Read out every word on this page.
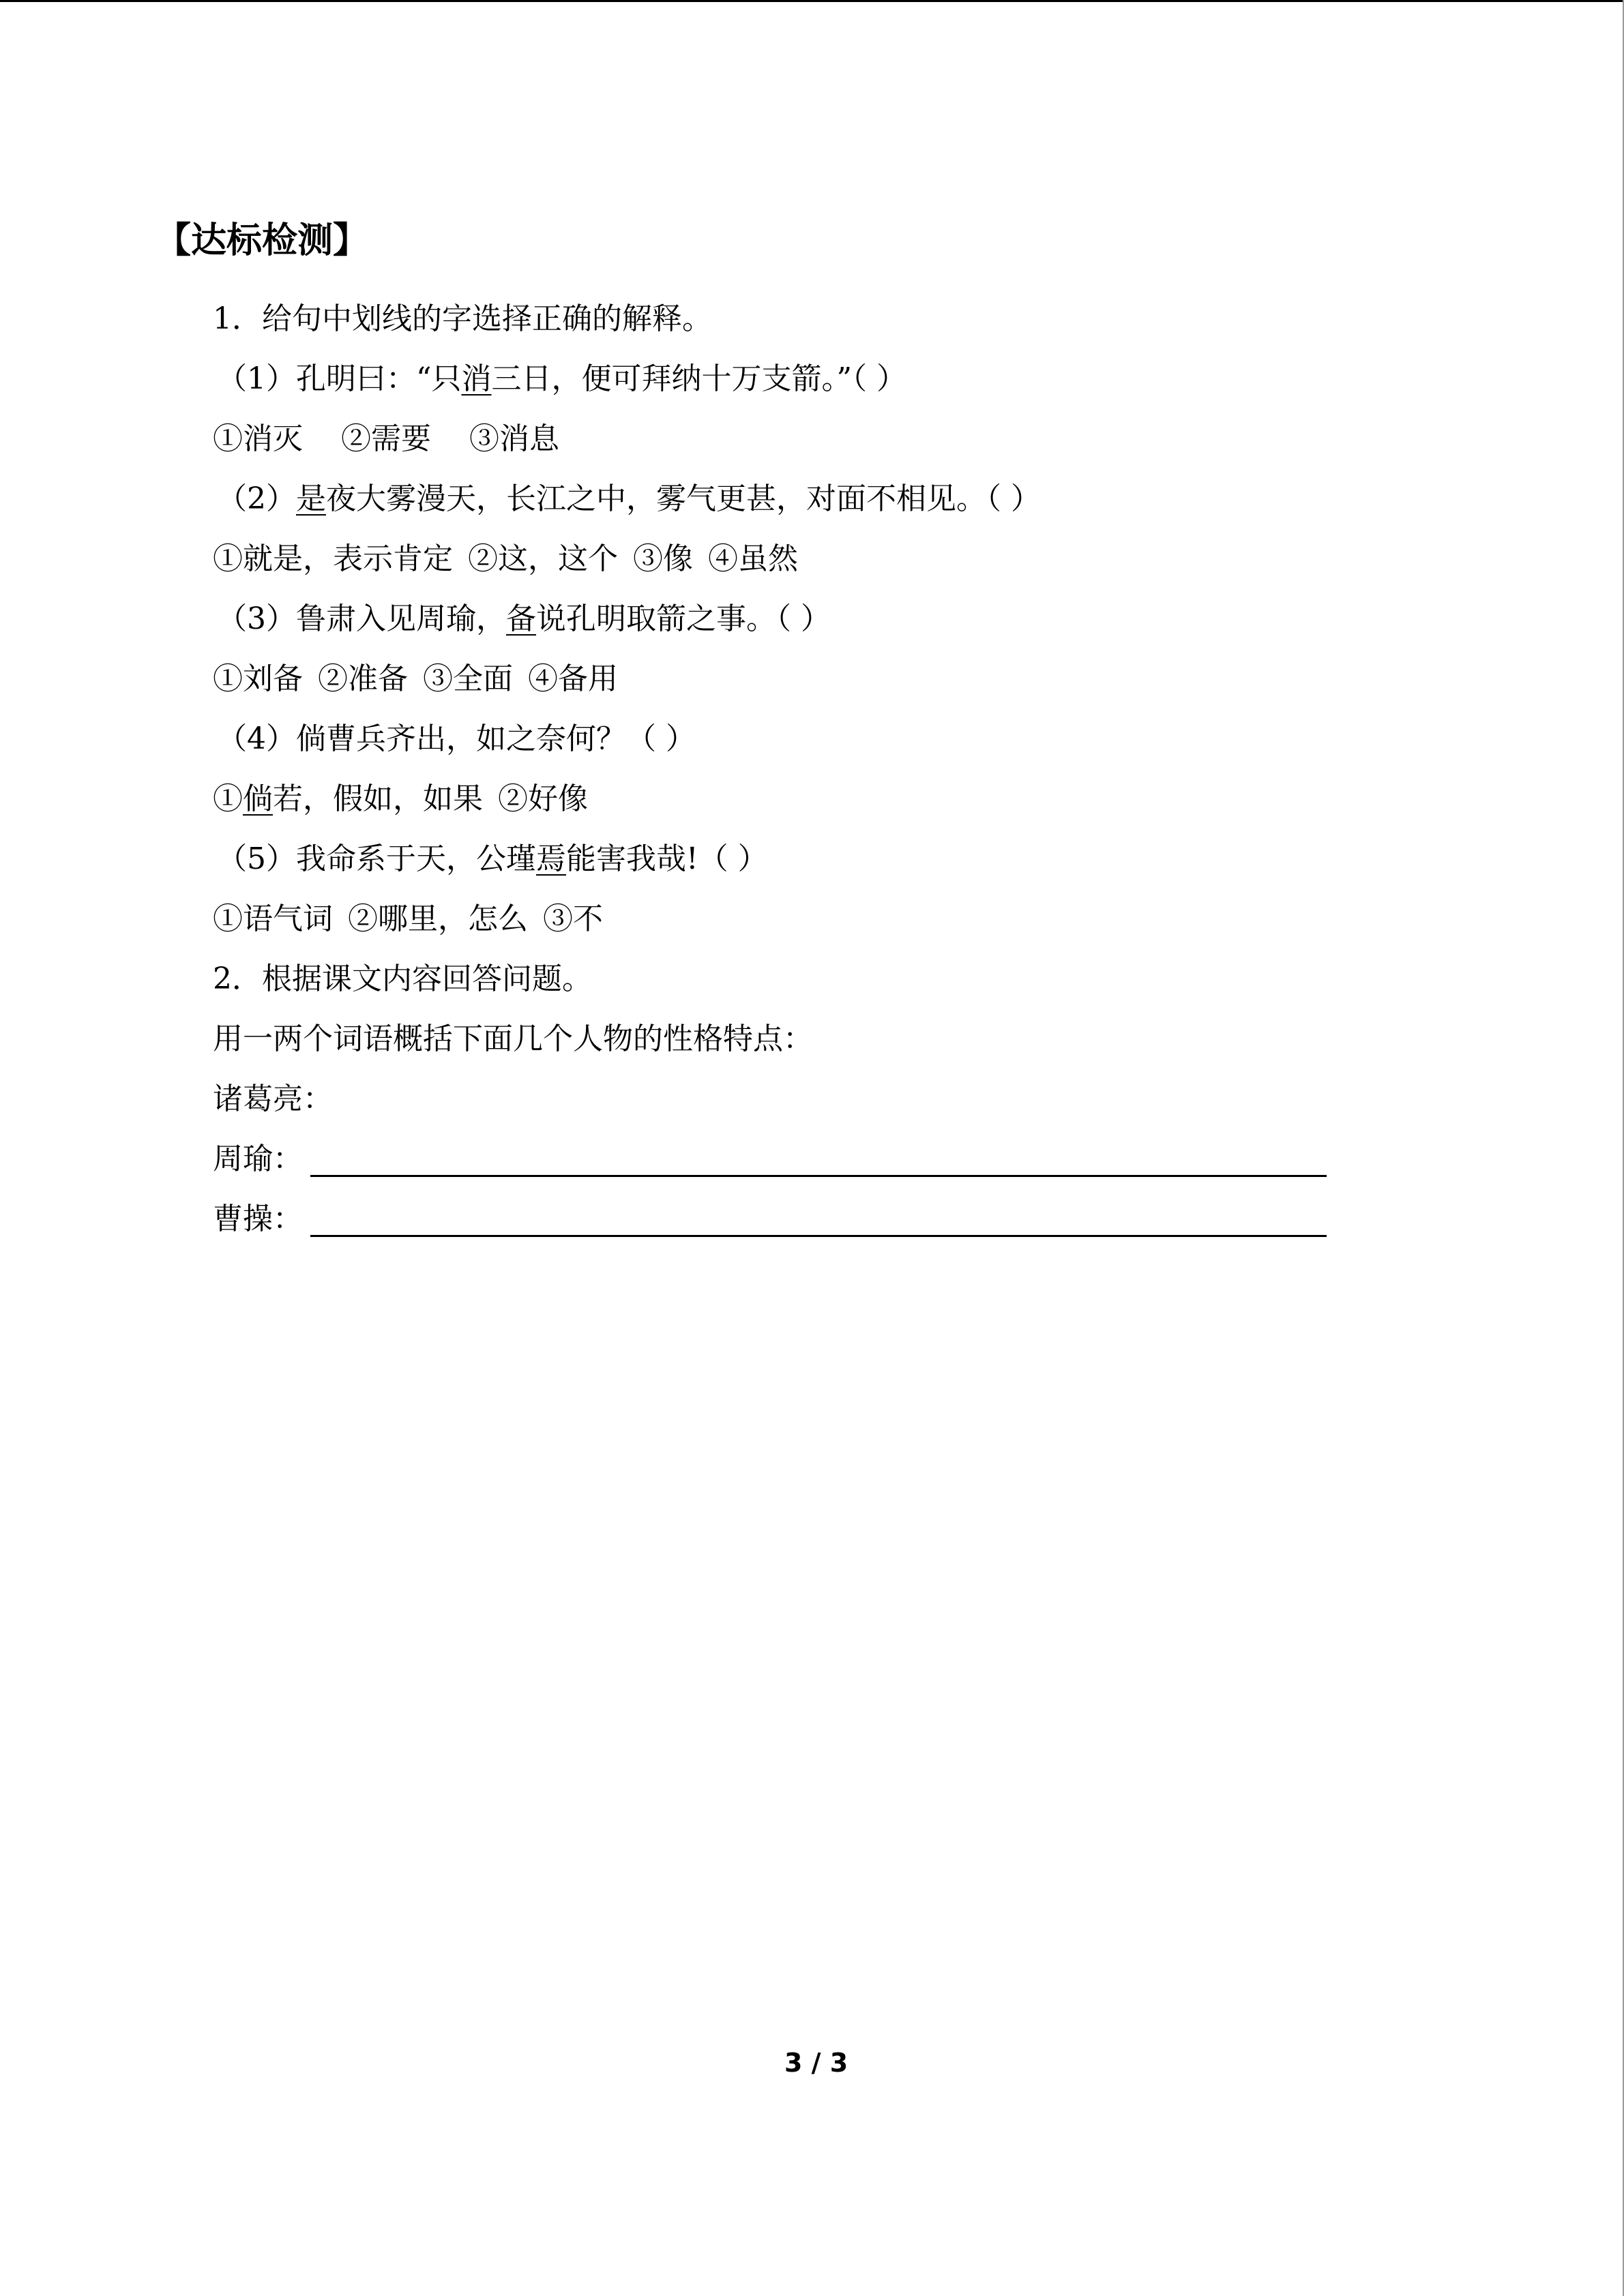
【达标检测】
1．给句中划线的字选择正确的解释。
（1）孔明曰：“只消三日，便可拜纳十万支箭。”（ ）
①消灭 ②需要 ③消息
（2）是夜大雾漫天，长江之中，雾气更甚，对面不相见。（ ）
①就是，表示肯定 ②这，这个 ③像 ④虽然
（3）鲁肃入见周瑜，备说孔明取箭之事。（ ）
①刘备 ②准备 ③全面 ④备用
（4）倘曹兵齐出，如之奈何？（ ）
①倘若，假如，如果 ②好像
（5）我命系于天，公瑾焉能害我哉!（ ）
①语气词 ②哪里，怎么 ③不
2．根据课文内容回答问题。
用一两个词语概括下面几个人物的性格特点：
诸葛亮：
周瑜：
曹操：
3 / 3
